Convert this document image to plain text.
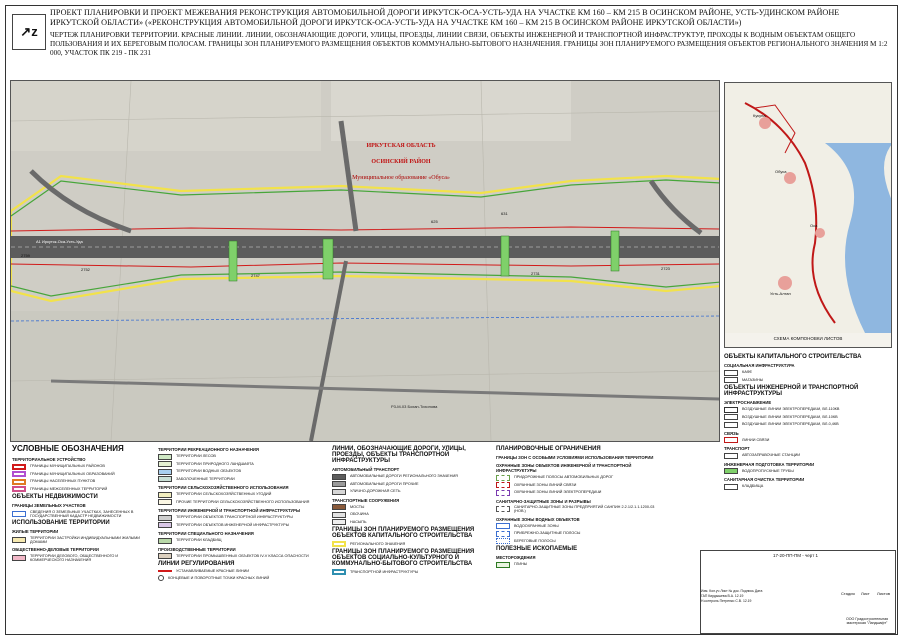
↗z
ПРОЕКТ ПЛАНИРОВКИ И ПРОЕКТ МЕЖЕВАНИЯ РЕКОНСТРУКЦИЯ АВТОМОБИЛЬНОЙ ДОРОГИ ИРКУТСК-ОСА-УСТЬ-УДА НА УЧАСТКЕ КМ 160 – КМ 215 В ОСИНСКОМ РАЙОНЕ, УСТЬ-УДИНСКОМ РАЙОНЕ ИРКУТСКОЙ ОБЛАСТИ» («РЕКОНСТРУКЦИЯ АВТОМОБИЛЬНОЙ ДОРОГИ ИРКУТСК-ОСА-УСТЬ-УДА НА УЧАСТКЕ КМ 160 – КМ 215 В ОСИНСКОМ РАЙОНЕ ИРКУТСКОЙ ОБЛАСТИ»)
ЧЕРТЕЖ ПЛАНИРОВКИ ТЕРРИТОРИИ. КРАСНЫЕ ЛИНИИ. ЛИНИИ, ОБОЗНАЧАЮЩИЕ ДОРОГИ, УЛИЦЫ, ПРОЕЗДЫ, ЛИНИИ СВЯЗИ, ОБЪЕКТЫ ИНЖЕНЕРНОЙ И ТРАНСПОРТНОЙ ИНФРАСТРУКТУР, ПРОХОДЫ К ВОДНЫМ ОБЪЕКТАМ ОБЩЕГО ПОЛЬЗОВАНИЯ И ИХ БЕРЕГОВЫМ ПОЛОСАМ. ГРАНИЦЫ ЗОН ПЛАНИРУЕМОГО РАЗМЕЩЕНИЯ ОБЪЕКТОВ КОММУНАЛЬНО-БЫТОВОГО НАЗНАЧЕНИЯ. ГРАНИЦЫ ЗОН ПЛАНИРУЕМОГО РАЗМЕЩЕНИЯ ОБЪЕКТОВ РЕГИОНАЛЬНОГО ЗНАЧЕНИЯ М 1:2 000, УЧАСТОК ПК 219 - ПК 231
ИРКУТСКАЯ ОБЛАСТЬ
ОСИНСКИЙ РАЙОН
Муниципальное образование «Обуса»
А1 Иркутск-Оса-Усть-Уда
Р3-М-03 Бохан-Тихонова
2759
2752
2747	2731
625
631
2723
Кукуна
Обуса
Оса
Усть-Алтан
СХЕМА КОМПОНОВКИ ЛИСТОВ
ОБЪЕКТЫ КАПИТАЛЬНОГО СТРОИТЕЛЬСТВА
СОЦИАЛЬНАЯ ИНФРАСТРУКТУРА
КАФЕ
МАГАЗИНЫ
ОБЪЕКТЫ ИНЖЕНЕРНОЙ И ТРАНСПОРТНОЙ ИНФРАСТРУКТУРЫ
ЭЛЕКТРОСНАБЖЕНИЕ
ВОЗДУШНЫЕ ЛИНИИ ЭЛЕКТРОПЕРЕДАЧИ, ВЛ-110КВ
ВОЗДУШНЫЕ ЛИНИИ ЭЛЕКТРОПЕРЕДАЧИ, ВЛ-10КВ
ВОЗДУШНЫЕ ЛИНИИ ЭЛЕКТРОПЕРЕДАЧИ, ВЛ-0,4КВ
СВЯЗЬ
ЛИНИИ СВЯЗИ
ТРАНСПОРТ
АВТОЗАПРАВОЧНЫЕ СТАНЦИИ
ИНЖЕНЕРНАЯ ПОДГОТОВКА ТЕРРИТОРИИ
ВОДОПРОПУСКНЫЕ ТРУБЫ
САНИТАРНАЯ ОЧИСТКА ТЕРРИТОРИИ
КЛАДБИЩА
УСЛОВНЫЕ ОБОЗНАЧЕНИЯ
ТЕРРИТОРИАЛЬНОЕ УСТРОЙСТВО
ГРАНИЦЫ МУНИЦИПАЛЬНЫХ РАЙОНОВ
ГРАНИЦЫ МУНИЦИПАЛЬНЫХ ОБРАЗОВАНИЙ
ГРАНИЦЫ НАСЕЛЕННЫХ ПУНКТОВ
ГРАНИЦЫ МЕЖСЕЛЕННЫХ ТЕРРИТОРИЙ
ОБЪЕКТЫ НЕДВИЖИМОСТИ
ГРАНИЦЫ ЗЕМЕЛЬНЫХ УЧАСТКОВ
СВЕДЕНИЯ О ЗЕМЕЛЬНЫХ УЧАСТКАХ, ЗАНЕСЕННЫХ В ГОСУДАРСТВЕННЫЙ КАДАСТР НЕДВИЖИМОСТИ
ИСПОЛЬЗОВАНИЕ ТЕРРИТОРИИ
ЖИЛЫЕ ТЕРРИТОРИИ
ТЕРРИТОРИИ ЗАСТРОЙКИ ИНДИВИДУАЛЬНЫМИ ЖИЛЫМИ ДОМАМИ
ОБЩЕСТВЕННО-ДЕЛОВЫЕ ТЕРРИТОРИИ
ТЕРРИТОРИИ ДЕЛОВОГО, ОБЩЕСТВЕННОГО И КОММЕРЧЕСКОГО НАЗНАЧЕНИЯ
ТЕРРИТОРИИ РЕКРЕАЦИОННОГО НАЗНАЧЕНИЯ
ТЕРРИТОРИИ ЛЕСОВ
ТЕРРИТОРИИ ПРИРОДНОГО ЛАНДШАФТА
ТЕРРИТОРИИ ВОДНЫХ ОБЪЕКТОВ
ЗАБОЛОЧЕННЫЕ ТЕРРИТОРИИ
ТЕРРИТОРИИ СЕЛЬСКОХОЗЯЙСТВЕННОГО ИСПОЛЬЗОВАНИЯ
ТЕРРИТОРИИ СЕЛЬСКОХОЗЯЙСТВЕННЫХ УГОДИЙ
ПРОЧИЕ ТЕРРИТОРИИ СЕЛЬСКОХОЗЯЙСТВЕННОГО ИСПОЛЬЗОВАНИЯ
ТЕРРИТОРИИ ИНЖЕНЕРНОЙ И ТРАНСПОРТНОЙ ИНФРАСТРУКТУРЫ
ТЕРРИТОРИИ ОБЪЕКТОВ ТРАНСПОРТНОЙ ИНФРАСТРУКТУРЫ
ТЕРРИТОРИИ ОБЪЕКТОВ ИНЖЕНЕРНОЙ ИНФРАСТРУКТУРЫ
ТЕРРИТОРИИ СПЕЦИАЛЬНОГО НАЗНАЧЕНИЯ
ТЕРРИТОРИИ КЛАДБИЩ
ПРОИЗВОДСТВЕННЫЕ ТЕРРИТОРИИ
ТЕРРИТОРИИ ПРОМЫШЛЕННЫХ ОБЪЕКТОВ IV-V КЛАССА ОПАСНОСТИ
ЛИНИИ РЕГУЛИРОВАНИЯ
УСТАНАВЛИВАЕМЫЕ КРАСНЫЕ ЛИНИИ
КОНЦЕВЫЕ И ПОВОРОТНЫЕ ТОЧКИ КРАСНЫХ ЛИНИЙ
ЛИНИИ, ОБОЗНАЧАЮЩИЕ ДОРОГИ, УЛИЦЫ, ПРОЕЗДЫ, ОБЪЕКТЫ ТРАНСПОРТНОЙ ИНФРАСТРУКТУРЫ
АВТОМОБИЛЬНЫЙ ТРАНСПОРТ
АВТОМОБИЛЬНЫЕ ДОРОГИ РЕГИОНАЛЬНОГО ЗНАЧЕНИЯ
АВТОМОБИЛЬНЫЕ ДОРОГИ ПРОЧИЕ
УЛИЧНО-ДОРОЖНАЯ СЕТЬ
ТРАНСПОРТНЫЕ СООРУЖЕНИЯ
МОСТЫ
ОБОЧИНА
НАСЫПЬ
ГРАНИЦЫ ЗОН ПЛАНИРУЕМОГО РАЗМЕЩЕНИЯ ОБЪЕКТОВ КАПИТАЛЬНОГО СТРОИТЕЛЬСТВА
РЕГИОНАЛЬНОГО ЗНАЧЕНИЯ
ГРАНИЦЫ ЗОН ПЛАНИРУЕМОГО РАЗМЕЩЕНИЯ ОБЪЕКТОВ СОЦИАЛЬНО-КУЛЬТУРНОГО И КОММУНАЛЬНО-БЫТОВОГО СТРОИТЕЛЬСТВА
ТРАНСПОРТНОЙ ИНФРАСТРУКТУРЫ
ПЛАНИРОВОЧНЫЕ ОГРАНИЧЕНИЯ
ГРАНИЦЫ ЗОН С ОСОБЫМИ УСЛОВИЯМИ ИСПОЛЬЗОВАНИЯ ТЕРРИТОРИИ
ОХРАННЫЕ ЗОНЫ ОБЪЕКТОВ ИНЖЕНЕРНОЙ И ТРАНСПОРТНОЙ ИНФРАСТРУКТУРЫ
ПРИДОРОЖНЫЕ ПОЛОСЫ АВТОМОБИЛЬНЫХ ДОРОГ
ОХРАННЫЕ ЗОНЫ ЛИНИЙ СВЯЗИ
ОХРАННЫЕ ЗОНЫ ЛИНИЙ ЭЛЕКТРОПЕРЕДАЧИ
САНИТАРНО-ЗАЩИТНЫЕ ЗОНЫ И РАЗРЫВЫ
САНИТАРНО-ЗАЩИТНЫЕ ЗОНЫ ПРЕДПРИЯТИЙ САНПИН 2.2.1/2.1.1.1200-03 (НОВ.)
ОХРАННЫЕ ЗОНЫ ВОДНЫХ ОБЪЕКТОВ
ВОДООХРАННЫЕ ЗОНЫ
ПРИБРЕЖНО-ЗАЩИТНЫЕ ПОЛОСЫ
БЕРЕГОВЫЕ ПОЛОСЫ
ПОЛЕЗНЫЕ ИСКОПАЕМЫЕ
МЕСТОРОЖДЕНИЯ
ГЛИНЫ
17-20-ПП-ПМ - черт 1
Изм. Кол.уч Лист № док. Подпись Дата
ГАП Кирдышева В.А. 12.19
Н.контроль Петренко С.В. 12.19
Стадия Лист Листов
ООО Градостроительная мастерская "Ландшафт"
